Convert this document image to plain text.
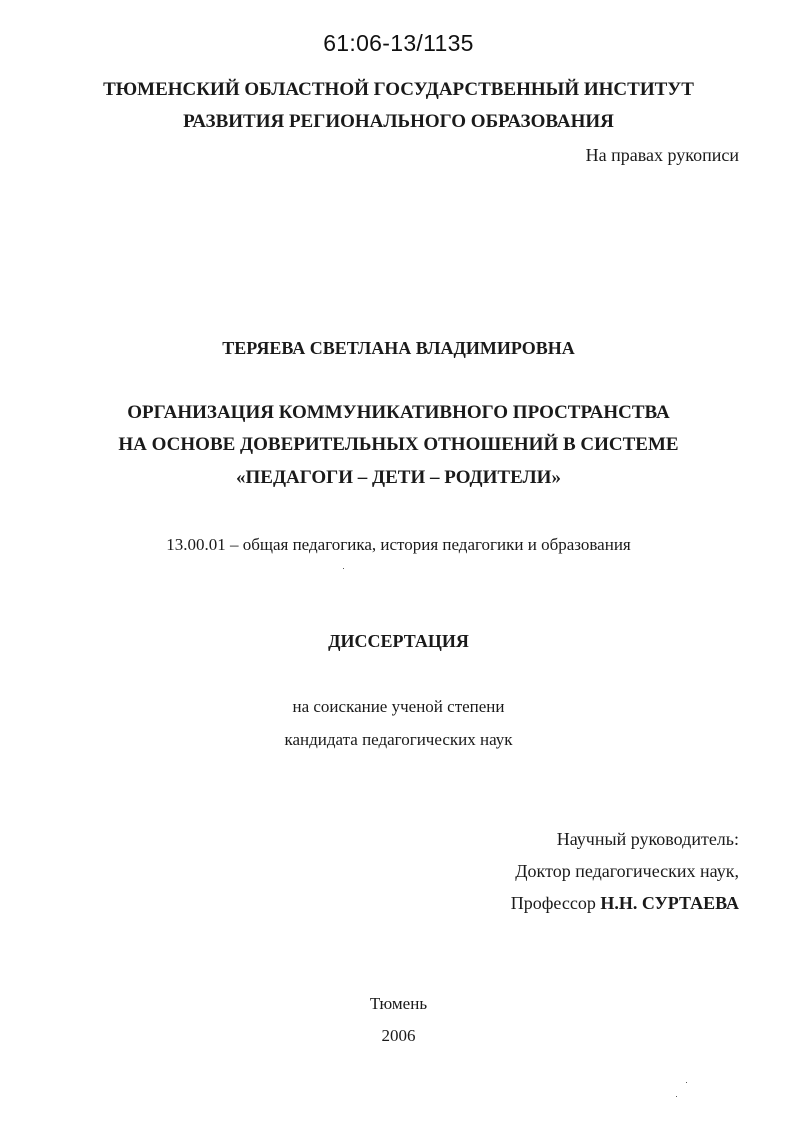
61:06-13/1135
ТЮМЕНСКИЙ ОБЛАСТНОЙ ГОСУДАРСТВЕННЫЙ ИНСТИТУТ
РАЗВИТИЯ РЕГИОНАЛЬНОГО ОБРАЗОВАНИЯ
На правах рукописи
ТЕРЯЕВА СВЕТЛАНА ВЛАДИМИРОВНА
ОРГАНИЗАЦИЯ КОММУНИКАТИВНОГО ПРОСТРАНСТВА
НА ОСНОВЕ ДОВЕРИТЕЛЬНЫХ ОТНОШЕНИЙ В СИСТЕМЕ
«ПЕДАГОГИ – ДЕТИ – РОДИТЕЛИ»
13.00.01 – общая педагогика, история педагогики и образования
ДИССЕРТАЦИЯ
на соискание ученой степени
кандидата педагогических наук
Научный руководитель:
Доктор педагогических наук,
Профессор Н.Н. СУРТАЕВА
Тюмень
2006
